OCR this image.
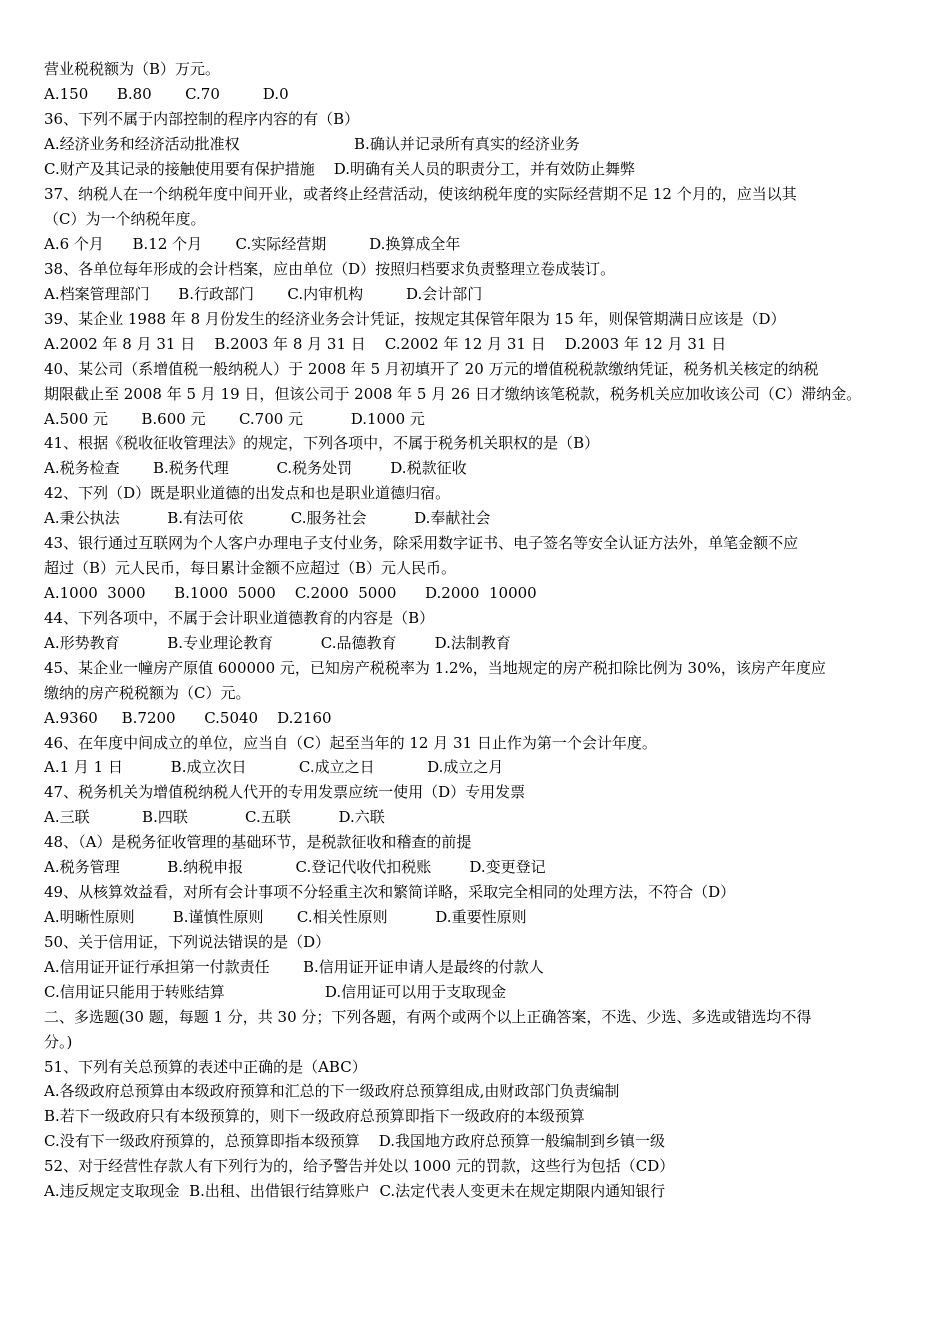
营业税税额为（B）万元。
A.150      B.80       C.70         D.0
36、下列不属于内部控制的程序内容的有（B）
A.经济业务和经济活动批准权                        B.确认并记录所有真实的经济业务
C.财产及其记录的接触使用要有保护措施    D.明确有关人员的职责分工，并有效防止舞弊
37、纳税人在一个纳税年度中间开业，或者终止经营活动，使该纳税年度的实际经营期不足 12 个月的，应当以其
（C）为一个纳税年度。
A.6 个月      B.12 个月       C.实际经营期         D.换算成全年
38、各单位每年形成的会计档案，应由单位（D）按照归档要求负责整理立卷成装订。
A.档案管理部门      B.行政部门       C.内审机构         D.会计部门
39、某企业 1988 年 8 月份发生的经济业务会计凭证，按规定其保管年限为 15 年，则保管期满日应该是（D）
A.2002 年 8 月 31 日    B.2003 年 8 月 31 日    C.2002 年 12 月 31 日    D.2003 年 12 月 31 日
40、某公司（系增值税一般纳税人）于 2008 年 5 月初填开了 20 万元的增值税税款缴纳凭证，税务机关核定的纳税
期限截止至 2008 年 5 月 19 日，但该公司于 2008 年 5 月 26 日才缴纳该笔税款，税务机关应加收该公司（C）滞纳金。
A.500 元       B.600 元       C.700 元          D.1000 元
41、根据《税收征收管理法》的规定，下列各项中，不属于税务机关职权的是（B）
A.税务检查       B.税务代理          C.税务处罚        D.税款征收
42、下列（D）既是职业道德的出发点和也是职业道德归宿。
A.秉公执法          B.有法可依          C.服务社会          D.奉献社会
43、银行通过互联网为个人客户办理电子支付业务，除采用数字证书、电子签名等安全认证方法外，单笔金额不应
超过（B）元人民币，每日累计金额不应超过（B）元人民币。
A.1000  3000      B.1000  5000    C.2000  5000      D.2000  10000
44、下列各项中，不属于会计职业道德教育的内容是（B）
A.形势教育          B.专业理论教育          C.品德教育        D.法制教育
45、某企业一幢房产原值 600000 元，已知房产税税率为 1.2%，当地规定的房产税扣除比例为 30%，该房产年度应
缴纳的房产税税额为（C）元。
A.9360     B.7200      C.5040    D.2160
46、在年度中间成立的单位，应当自（C）起至当年的 12 月 31 日止作为第一个会计年度。
A.1 月 1 日          B.成立次日           C.成立之日           D.成立之月
47、税务机关为增值税纳税人代开的专用发票应统一使用（D）专用发票
A.三联           B.四联            C.五联          D.六联
48、（A）是税务征收管理的基础环节，是税款征收和稽查的前提
A.税务管理          B.纳税申报           C.登记代收代扣税账        D.变更登记
49、从核算效益看，对所有会计事项不分轻重主次和繁简详略，采取完全相同的处理方法，不符合（D）
A.明晰性原则        B.谨慎性原则       C.相关性原则          D.重要性原则
50、关于信用证，下列说法错误的是（D）
A.信用证开证行承担第一付款责任       B.信用证开证申请人是最终的付款人
C.信用证只能用于转账结算                     D.信用证可以用于支取现金
二、多选题(30 题，每题 1 分，共 30 分；下列各题，有两个或两个以上正确答案，不选、少选、多选或错选均不得
分。)
51、下列有关总预算的表述中正确的是（ABC）
A.各级政府总预算由本级政府预算和汇总的下一级政府总预算组成,由财政部门负责编制
B.若下一级政府只有本级预算的，则下一级政府总预算即指下一级政府的本级预算
C.没有下一级政府预算的，总预算即指本级预算    D.我国地方政府总预算一般编制到乡镇一级
52、对于经营性存款人有下列行为的，给予警告并处以 1000 元的罚款，这些行为包括（CD）
A.违反规定支取现金  B.出租、出借银行结算账户  C.法定代表人变更未在规定期限内通知银行
